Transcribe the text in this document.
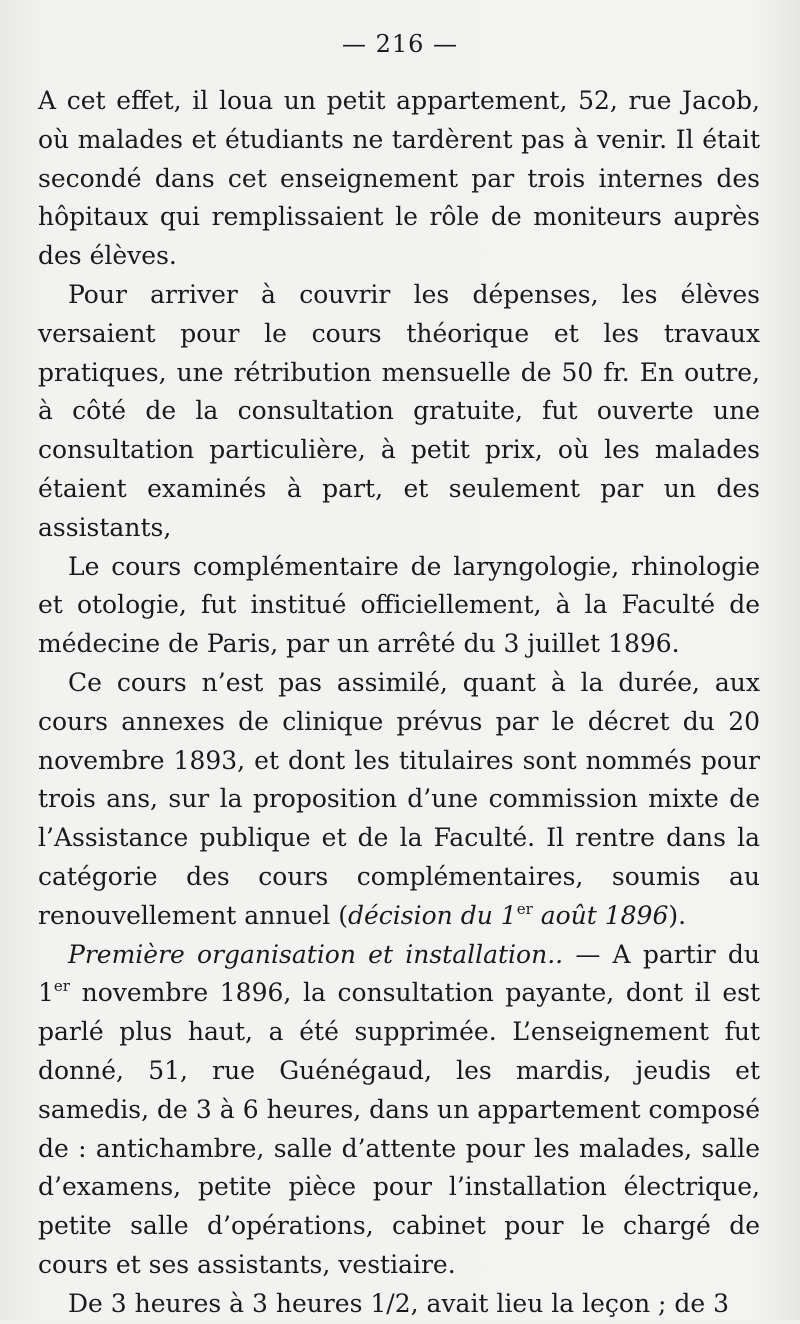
— 216 —

A cet effet, il loua un petit appartement, 52, rue Jacob, où malades et étudiants ne tardèrent pas à venir. Il était secondé dans cet enseignement par trois internes des hôpitaux qui remplissaient le rôle de moniteurs auprès des élèves.

Pour arriver à couvrir les dépenses, les élèves versaient pour le cours théorique et les travaux pratiques, une rétribution mensuelle de 50 fr. En outre, à côté de la consultation gratuite, fut ouverte une consultation particulière, à petit prix, où les malades étaient examinés à part, et seulement par un des assistants,

Le cours complémentaire de laryngologie, rhinologie et otologie, fut institué officiellement, à la Faculté de médecine de Paris, par un arrêté du 3 juillet 1896.

Ce cours n’est pas assimilé, quant à la durée, aux cours annexes de clinique prévus par le décret du 20 novembre 1893, et dont les titulaires sont nommés pour trois ans, sur la proposition d’une commission mixte de l’Assistance publique et de la Faculté. Il rentre dans la catégorie des cours complémentaires, soumis au renouvellement annuel (décision du 1er août 1896).

Première organisation et installation.. — A partir du 1er novembre 1896, la consultation payante, dont il est parlé plus haut, a été supprimée. L’enseignement fut donné, 51, rue Guénégaud, les mardis, jeudis et samedis, de 3 à 6 heures, dans un appartement composé de : antichambre, salle d’attente pour les malades, salle d’examens, petite pièce pour l’installation électrique, petite salle d’opérations, cabinet pour le chargé de cours et ses assistants, vestiaire.

De 3 heures à 3 heures 1/2, avait lieu la leçon ; de 3
